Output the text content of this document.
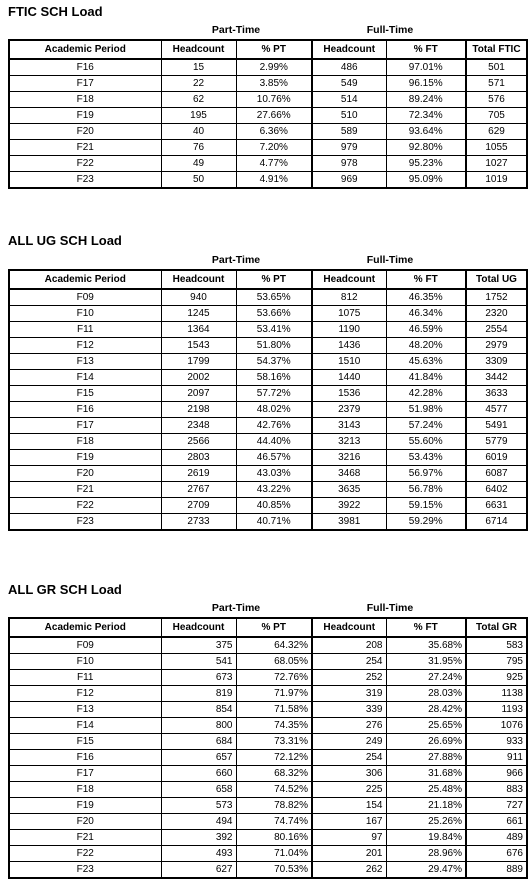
FTIC SCH Load
Part-Time	Full-Time
Academic Period	Headcount	% PT	Headcount	% FT	Total FTIC
F16	15	2.99%	486	97.01%	501
F17	22	3.85%	549	96.15%	571
F18	62	10.76%	514	89.24%	576
F19	195	27.66%	510	72.34%	705
F20	40	6.36%	589	93.64%	629
F21	76	7.20%	979	92.80%	1055
F22	49	4.77%	978	95.23%	1027
F23	50	4.91%	969	95.09%	1019
ALL UG SCH Load
Part-Time	Full-Time
Academic Period	Headcount	% PT	Headcount	% FT	Total UG
F09	940	53.65%	812	46.35%	1752
F10	1245	53.66%	1075	46.34%	2320
F11	1364	53.41%	1190	46.59%	2554
F12	1543	51.80%	1436	48.20%	2979
F13	1799	54.37%	1510	45.63%	3309
F14	2002	58.16%	1440	41.84%	3442
F15	2097	57.72%	1536	42.28%	3633
F16	2198	48.02%	2379	51.98%	4577
F17	2348	42.76%	3143	57.24%	5491
F18	2566	44.40%	3213	55.60%	5779
F19	2803	46.57%	3216	53.43%	6019
F20	2619	43.03%	3468	56.97%	6087
F21	2767	43.22%	3635	56.78%	6402
F22	2709	40.85%	3922	59.15%	6631
F23	2733	40.71%	3981	59.29%	6714
ALL GR SCH Load
Part-Time	Full-Time
Academic Period	Headcount	% PT	Headcount	% FT	Total GR
F09	375	64.32%	208	35.68%	583
F10	541	68.05%	254	31.95%	795
F11	673	72.76%	252	27.24%	925
F12	819	71.97%	319	28.03%	1138
F13	854	71.58%	339	28.42%	1193
F14	800	74.35%	276	25.65%	1076
F15	684	73.31%	249	26.69%	933
F16	657	72.12%	254	27.88%	911
F17	660	68.32%	306	31.68%	966
F18	658	74.52%	225	25.48%	883
F19	573	78.82%	154	21.18%	727
F20	494	74.74%	167	25.26%	661
F21	392	80.16%	97	19.84%	489
F22	493	71.04%	201	28.96%	676
F23	627	70.53%	262	29.47%	889
